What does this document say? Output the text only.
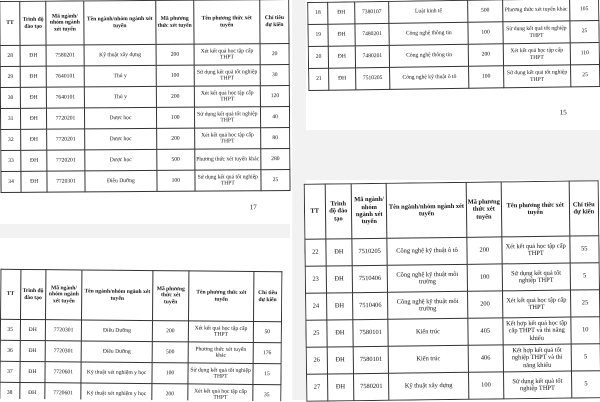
TT	Trình độ đào tạo	Mã ngành/ nhóm ngành xét tuyển	Tên ngành/nhóm ngành xét tuyển	Mã phương thức xét tuyển	Tên phương thức xét tuyển	Chỉ tiêu dự kiến
28	ĐH	7580201	Kỹ thuật xây dựng	200	Xét kết quả học tập cấp THPT	20
29	ĐH	7640101	Thú y	100	Sử dụng kết quả tốt nghiệp THPT	30
30	ĐH	7640101	Thú y	200	Xét kết quả học tập cấp THPT	120
31	ĐH	7720201	Dược học	100	Sử dụng kết quả tốt nghiệp THPT	40
32	ĐH	7720201	Dược học	200	Xét kết quả học tập cấp THPT	80
33	ĐH	7720201	Dược học	500	Phương thức xét tuyển khác	280
34	ĐH	7720301	Điều Dưỡng	100	Sử dụng kết quả tốt nghiệp THPT	25
17
18	ĐH	7380107	Luật kinh tế	500	Phương thức xét tuyển khác	105
19	ĐH	7480201	Công nghệ thông tin	100	Sử dụng kết quả tốt nghiệp THPT	25
20	ĐH	7480201	Công nghệ thông tin	200	Xét kết quả học tập cấp THPT	110
21	ĐH	7510205	Công nghệ kỹ thuật ô tô	100	Sử dụng kết quả tốt nghiệp THPT	25
15
TT	Trình độ đào tạo	Mã ngành/ nhóm ngành xét tuyển	Tên ngành/nhóm ngành xét tuyển	Mã phương thức xét tuyển	Tên phương thức xét tuyển	Chỉ tiêu dự kiến
35	ĐH	7720301	Điều Dưỡng	200	Xét kết quả học tập cấp THPT	50
36	ĐH	7720301	Điều Dưỡng	500	Phương thức xét tuyển khác	176
37	ĐH	7720601	Kỹ thuật xét nghiệm y học	100	Sử dụng kết quả tốt nghiệp THPT	15
38	ĐH	7720601	Kỹ thuật xét nghiệm y học	200	Xét kết quả học tập cấp THPT	35
TT	Trình độ đào tạo	Mã ngành/ nhóm ngành xét tuyển	Tên ngành/nhóm ngành xét tuyển	Mã phương thức xét tuyển	Tên phương thức xét tuyển	Chỉ tiêu dự kiến
22	ĐH	7510205	Công nghệ kỹ thuật ô tô	200	Xét kết quả học tập cấp THPT	55
23	ĐH	7510406	Công nghệ kỹ thuật môi trường	100	Sử dụng kết quả tốt nghiệp THPT	5
24	ĐH	7510406	Công nghệ kỹ thuật môi trường	200	Xét kết quả học tập cấp THPT	25
25	ĐH	7580101	Kiến trúc	405	Kết hợp kết quả học tập cấp THPT và thi năng khiếu	10
26	ĐH	7580101	Kiến trúc	406	Kết hợp kết quả tốt nghiệp THPT và thi năng khiếu	5
27	ĐH	7580201	Kỹ thuật xây dựng	100	Sử dụng kết quả tốt nghiệp THPT	5
